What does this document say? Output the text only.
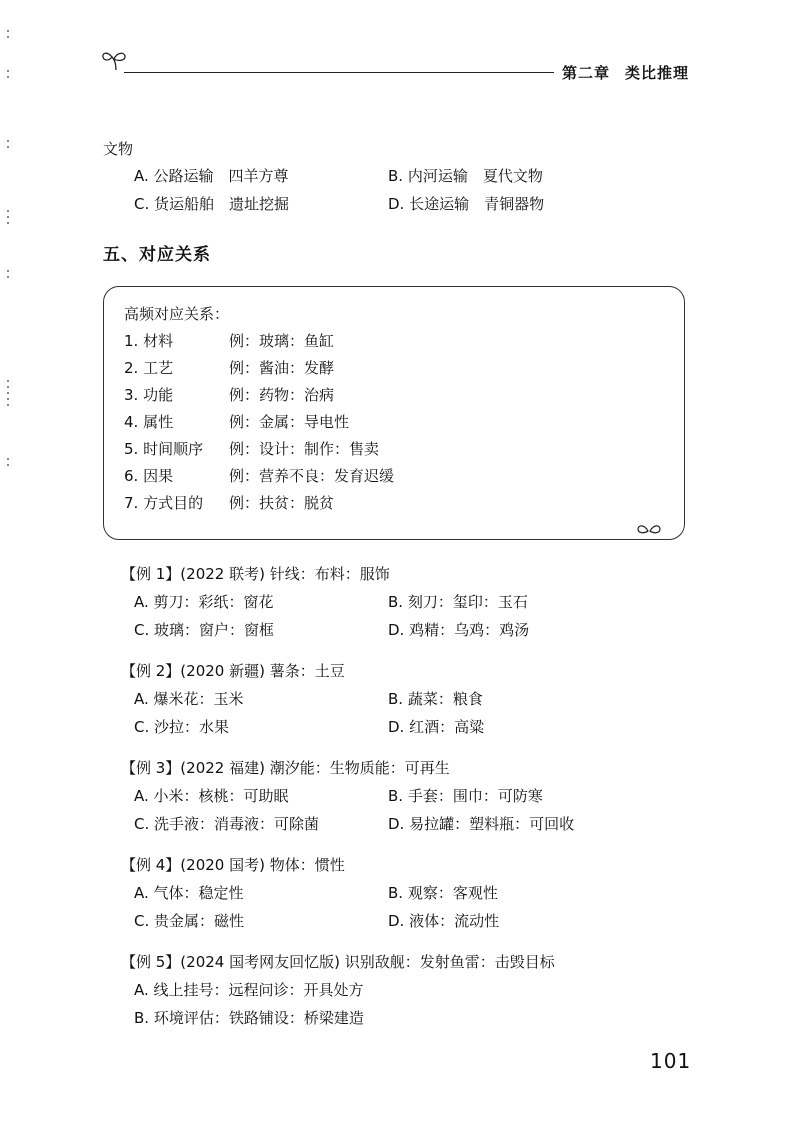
第二章 类比推理
文物
A. 公路运输　四羊方尊	B. 内河运输　夏代文物
C. 货运船舶　遗址挖掘	D. 长途运输　青铜器物
五、对应关系
高频对应关系：
1. 材料	例：玻璃：鱼缸
2. 工艺	例：酱油：发酵
3. 功能	例：药物：治病
4. 属性	例：金属：导电性
5. 时间顺序 例：设计：制作：售卖
6. 因果	例：营养不良：发育迟缓
7. 方式目的 例：扶贫：脱贫
【例 1】(2022 联考) 针线：布料：服饰
A. 剪刀：彩纸：窗花	B. 刻刀：玺印：玉石
C. 玻璃：窗户：窗框	D. 鸡精：乌鸡：鸡汤
【例 2】(2020 新疆) 薯条：土豆
A. 爆米花：玉米	B. 蔬菜：粮食
C. 沙拉：水果	D. 红酒：高粱
【例 3】(2022 福建) 潮汐能：生物质能：可再生
A. 小米：核桃：可助眠	B. 手套：围巾：可防寒
C. 洗手液：消毒液：可除菌	D. 易拉罐：塑料瓶：可回收
【例 4】(2020 国考) 物体：惯性
A. 气体：稳定性	B. 观察：客观性
C. 贵金属：磁性	D. 液体：流动性
【例 5】(2024 国考网友回忆版) 识别敌舰：发射鱼雷：击毁目标
A. 线上挂号：远程问诊：开具处方
B. 环境评估：铁路铺设：桥梁建造
101
